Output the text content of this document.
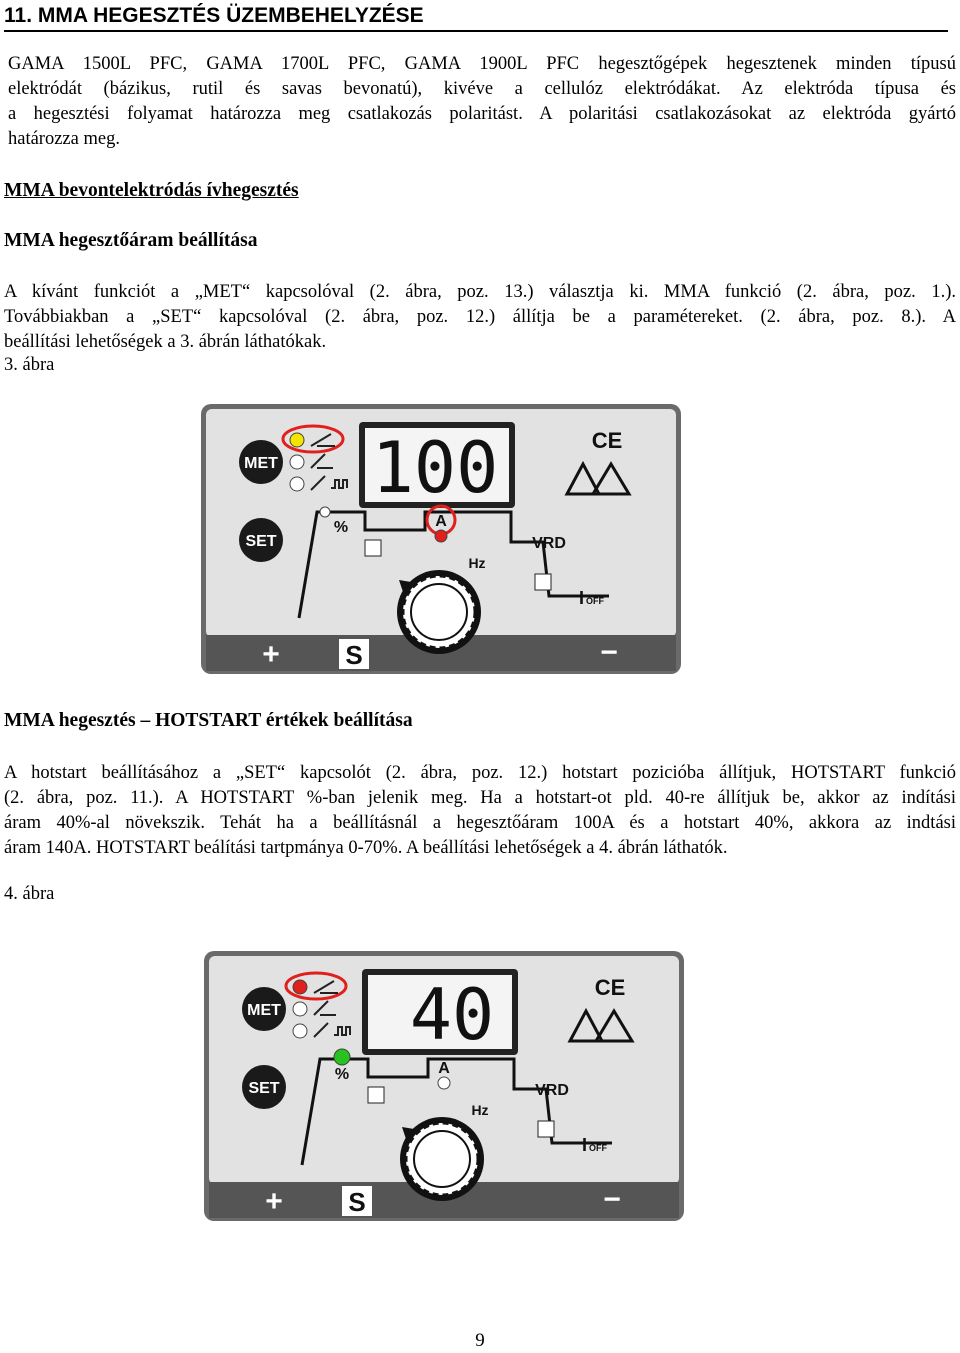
11. MMA HEGESZTÉS ÜZEMBEHELYZÉSE

GAMA 1500L PFC, GAMA 1700L PFC, GAMA 1900L PFC hegesztőgépek hegesztenek minden típusú

elektródát (bázikus, rutil és savas bevonatú), kivéve a cellulóz elektródákat. Az elektróda típusa és

a hegesztési folyamat határozza meg csatlakozás polaritást. A polaritási csatlakozásokat az elektróda gyártó

határozza meg.

MMA bevontelektródás ívhegesztés
MMA hegesztőáram beállítása

A kívánt funkciót a „MET“ kapcsolóval (2. ábra, poz. 13.) választja ki. MMA funkció (2. ábra, poz. 1.).

Továbbiakban a „SET“ kapcsolóval (2. ábra, poz. 12.) állítja be a paramétereket. (2. ábra, poz. 8.). A

beállítási lehetőségek a 3. ábrán láthatókak.

3. ábra
MET
SET
100	CE
%	A
Hz
VRD
I OFF
+	S	−
MMA hegesztés – HOTSTART értékek beállítása

A hotstart beállításához a „SET“ kapcsolót (2. ábra, poz. 12.) hotstart pozicióba állítjuk, HOTSTART funkció

(2. ábra, poz. 11.). A HOTSTART %-ban jelenik meg. Ha a hotstart-ot pld. 40-re állítjuk be, akkor az indítási

áram 40%-al növekszik. Tehát ha a beállításnál a hegesztőáram 100A és a hotstart 40%, akkora az indtási

áram 140A. HOTSTART beálítási tartpmánya 0-70%. A beállítási lehetőségek a 4. ábrán láthatók.

4. ábra
MET
SET
40	CE
%	A
Hz
VRD
I OFF
+	S	−
9
